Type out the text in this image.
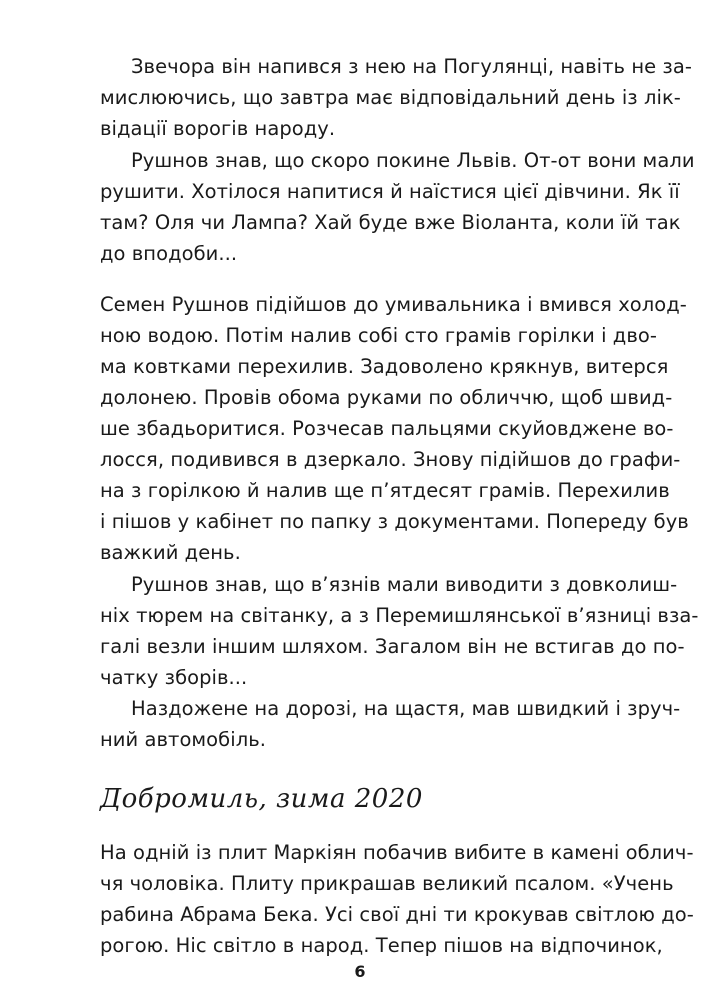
Звечора він напився з нею на Погулянці, навіть не за-
мислюючись, що завтра має відповідальний день із лік-
відації ворогів народу.
Рушнов знав, що скоро покине Львів. От-от вони мали
рушити. Хотілося напитися й наїстися цієї дівчини. Як її
там? Оля чи Лампа? Хай буде вже Віоланта, коли їй так
до вподоби...
Семен Рушнов підійшов до умивальника і вмився холод-
ною водою. Потім налив собі сто грамів горілки і дво-
ма ковтками перехилив. Задоволено крякнув, витерся
долонею. Провів обома руками по обличчю, щоб швид-
ше збадьоритися. Розчесав пальцями скуйовджене во-
лосся, подивився в дзеркало. Знову підійшов до графи-
на з горілкою й налив ще п’ятдесят грамів. Перехилив
і пішов у кабінет по папку з документами. Попереду був
важкий день.
Рушнов знав, що в’язнів мали виводити з довколиш-
ніх тюрем на світанку, а з Перемишлянської в’язниці вза-
галі везли іншим шляхом. Загалом він не встигав до по-
чатку зборів...
Наздожене на дорозі, на щастя, мав швидкий і зруч-
ний автомобіль.
Добромиль, зима 2020
На одній із плит Маркіян побачив вибите в камені облич-
чя чоловіка. Плиту прикрашав великий псалом. «Учень
рабина Абрама Бека. Усі свої дні ти крокував світлою до-
рогою. Ніс світло в народ. Тепер пішов на відпочинок,
6
